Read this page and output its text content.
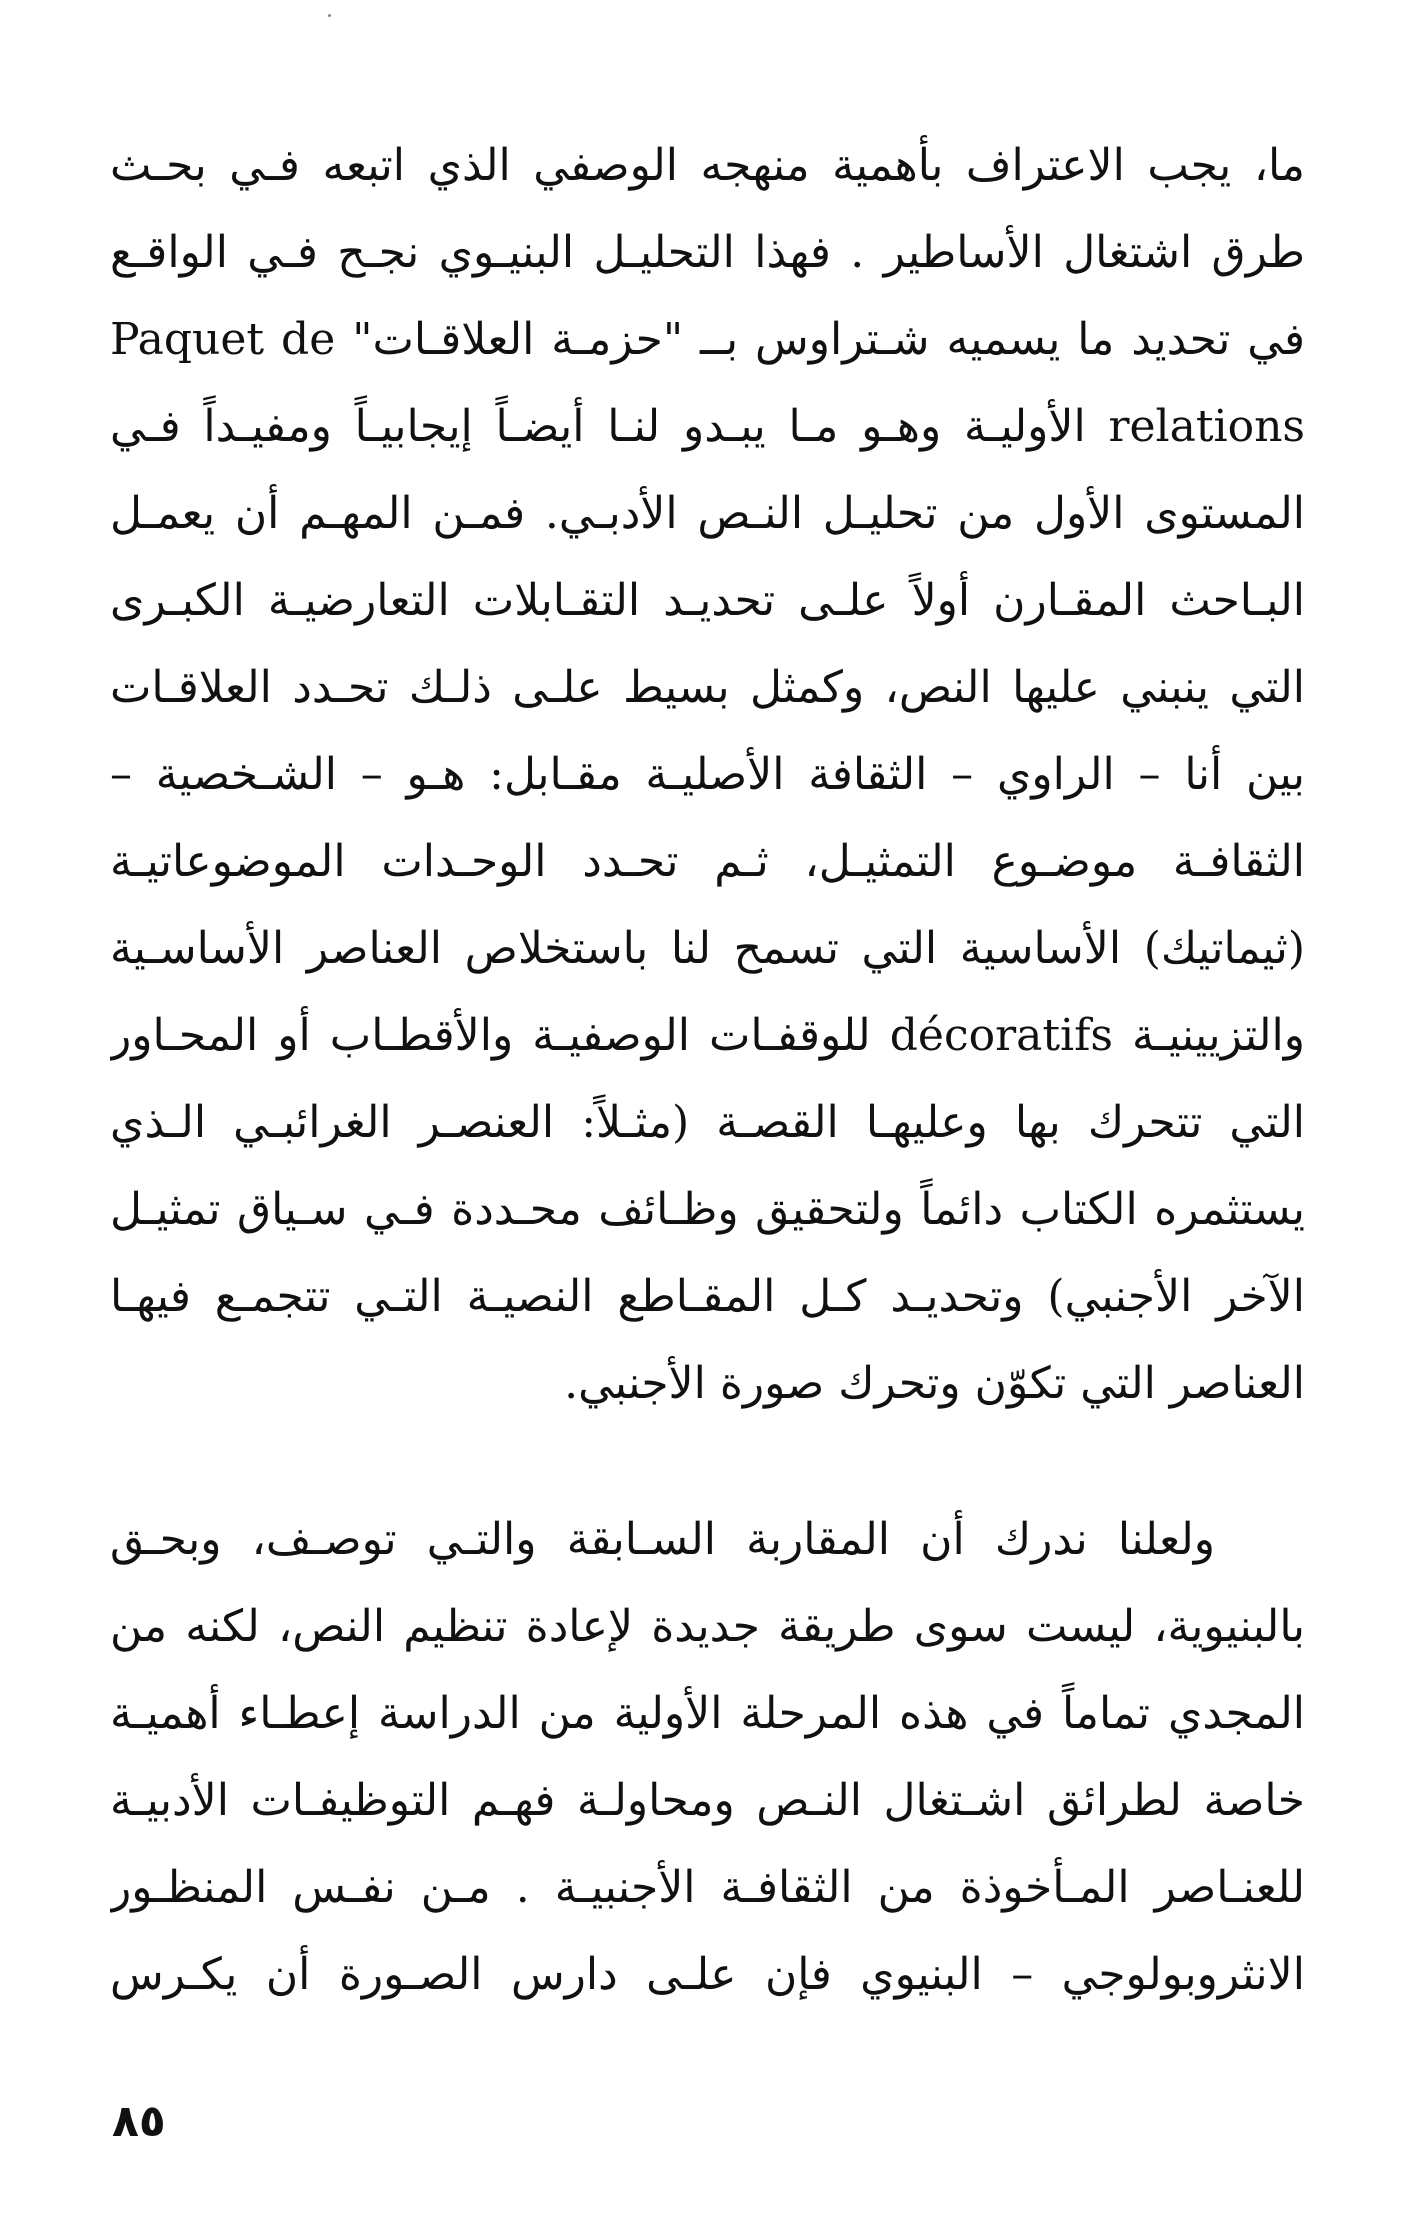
ما، يجب الاعتراف بأهمية منهجه الوصفي الذي اتبعه فـي بحـث
طرق اشتغال الأساطير . فهذا التحليـل البنيـوي نجـح فـي الواقـع
في تحديد ما يسميه شـتراوس بــ "حزمـة العلاقـات" Paquet de
relations الأوليـة وهـو مـا يبـدو لنـا أيضـاً إيجابيـاً ومفيـداً فـي
المستوى الأول من تحليـل النـص الأدبـي. فمـن المهـم أن يعمـل
البـاحث المقـارن أولاً علـى تحديـد التقـابلات التعارضيـة الكبـرى
التي ينبني عليها النص، وكمثل بسيط علـى ذلـك تحـدد العلاقـات
بين أنا – الراوي – الثقافة الأصليـة مقـابل: هـو – الشـخصية –
الثقافـة موضـوع التمثيـل، ثـم تحـدد الوحـدات الموضوعاتيـة
(ثيماتيك) الأساسية التي تسمح لنا باستخلاص العناصر الأساسـية
والتزيينيـة décoratifs للوقفـات الوصفيـة والأقطـاب أو المحـاور
التي تتحرك بها وعليهـا القصـة (مثـلاً: العنصـر الغرائبـي الـذي
يستثمره الكتاب دائماً ولتحقيق وظـائف محـددة فـي سـياق تمثيـل
الآخر الأجنبي) وتحديـد كـل المقـاطع النصيـة التـي تتجمـع فيهـا
العناصر التي تكوّن وتحرك صورة الأجنبي.
ولعلنا ندرك أن المقاربة السـابقة والتـي توصـف، وبحـق
بالبنيوية، ليست سوى طريقة جديدة لإعادة تنظيم النص، لكنه من
المجدي تماماً في هذه المرحلة الأولية من الدراسة إعطـاء أهميـة
خاصة لطرائق اشـتغال النـص ومحاولـة فهـم التوظيفـات الأدبيـة
للعنـاصر المـأخوذة من الثقافـة الأجنبيـة . مـن نفـس المنظـور
الانثروبولوجي – البنيوي فإن علـى دارس الصـورة أن يكـرس
٨٥
